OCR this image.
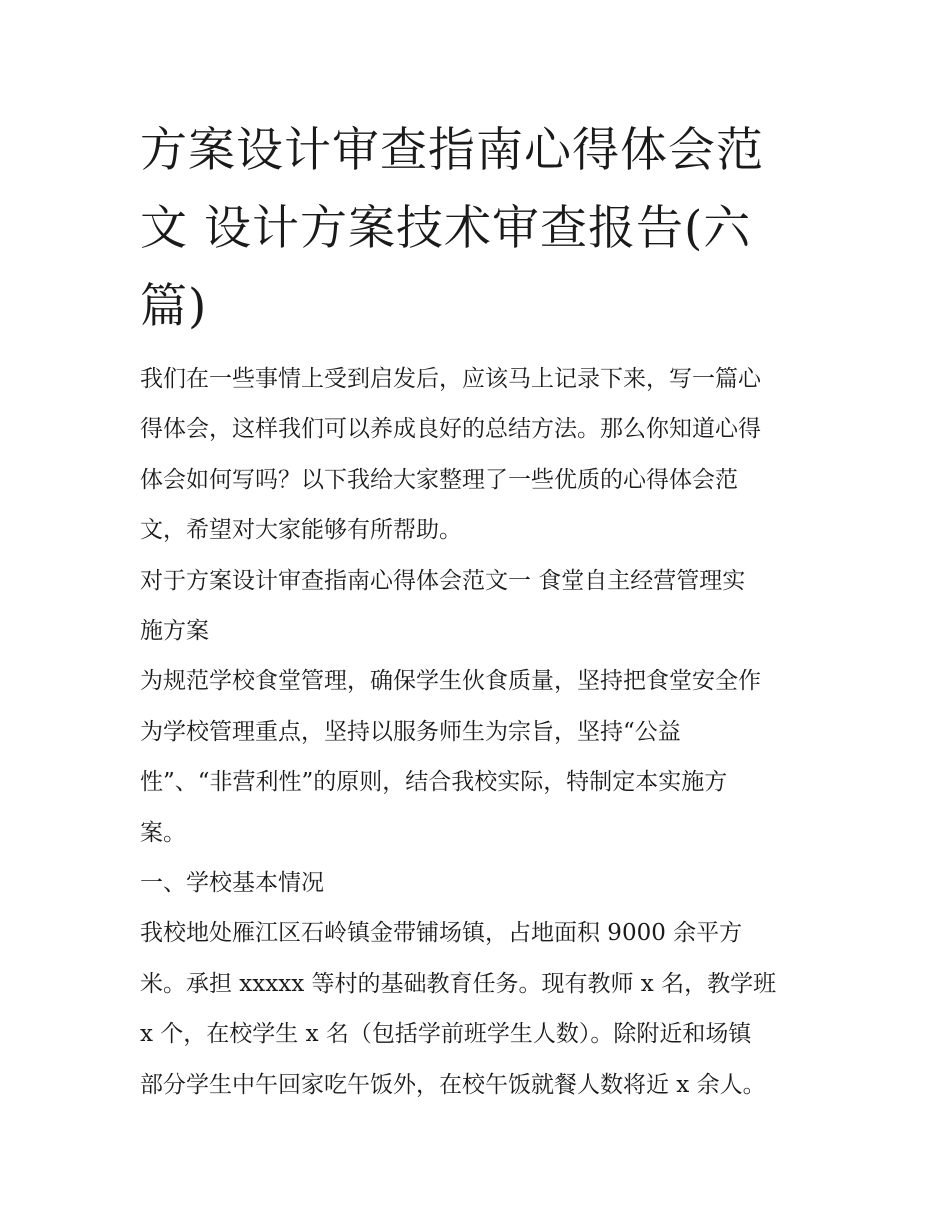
方案设计审查指南心得体会范
文 设计方案技术审查报告(六
篇)
我们在一些事情上受到启发后，应该马上记录下来，写一篇心
得体会，这样我们可以养成良好的总结方法。那么你知道心得
体会如何写吗？以下我给大家整理了一些优质的心得体会范
文，希望对大家能够有所帮助。
对于方案设计审查指南心得体会范文一 食堂自主经营管理实
施方案
为规范学校食堂管理，确保学生伙食质量，坚持把食堂安全作
为学校管理重点，坚持以服务师生为宗旨，坚持“公益
性”、“非营利性”的原则，结合我校实际，特制定本实施方
案。
一、学校基本情况
我校地处雁江区石岭镇金带铺场镇，占地面积 9000 余平方
米。承担 xxxxx 等村的基础教育任务。现有教师 x 名，教学班
x 个，在校学生 x 名（包括学前班学生人数）。除附近和场镇
部分学生中午回家吃午饭外，在校午饭就餐人数将近 x 余人。
